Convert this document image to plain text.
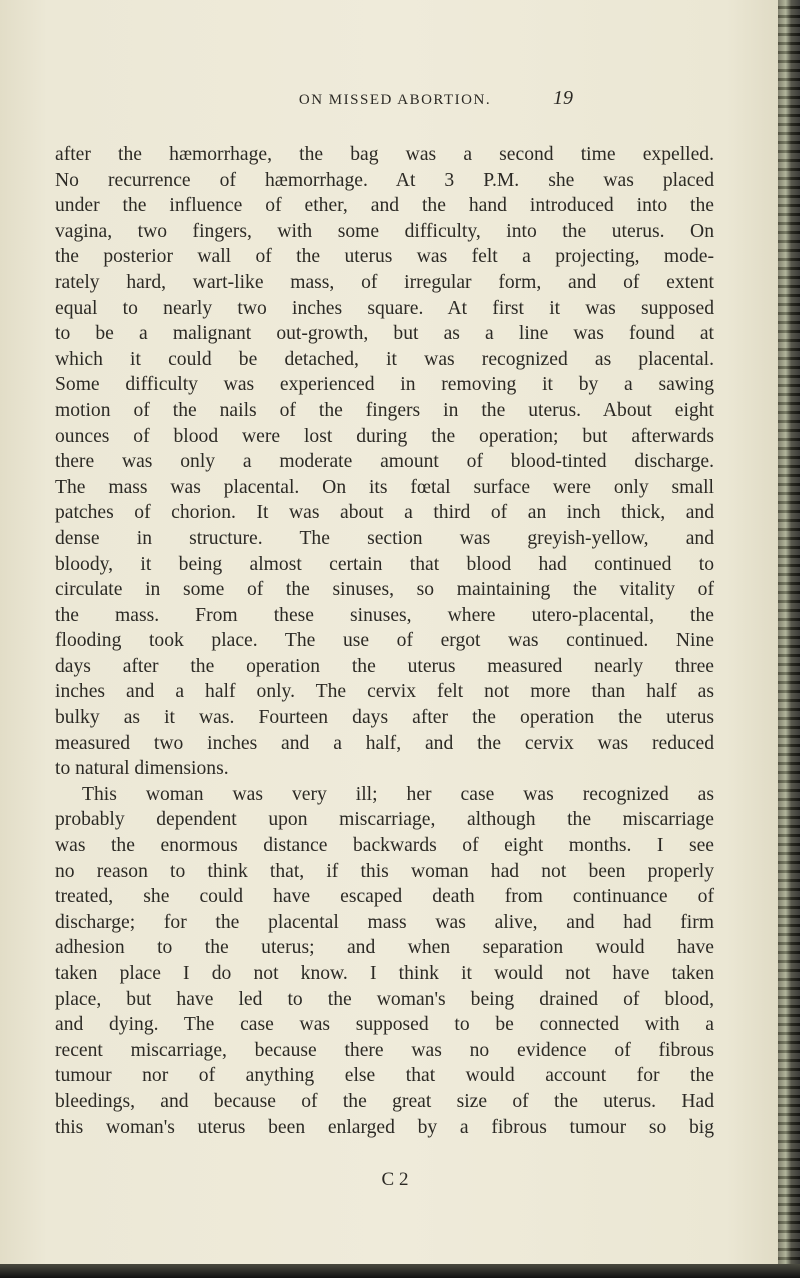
ON MISSED ABORTION.	19
after the hæmorrhage, the bag was a second time expelled.
No recurrence of hæmorrhage. At 3 P.M. she was placed
under the influence of ether, and the hand introduced into the
vagina, two fingers, with some difficulty, into the uterus. On
the posterior wall of the uterus was felt a projecting, mode-
rately hard, wart-like mass, of irregular form, and of extent
equal to nearly two inches square. At first it was supposed
to be a malignant out-growth, but as a line was found at
which it could be detached, it was recognized as placental.
Some difficulty was experienced in removing it by a sawing
motion of the nails of the fingers in the uterus. About eight
ounces of blood were lost during the operation; but afterwards
there was only a moderate amount of blood-tinted discharge.
The mass was placental. On its fœtal surface were only small
patches of chorion. It was about a third of an inch thick, and
dense in structure. The section was greyish-yellow, and
bloody, it being almost certain that blood had continued to
circulate in some of the sinuses, so maintaining the vitality of
the mass. From these sinuses, where utero-placental, the
flooding took place. The use of ergot was continued. Nine
days after the operation the uterus measured nearly three
inches and a half only. The cervix felt not more than half as
bulky as it was. Fourteen days after the operation the uterus
measured two inches and a half, and the cervix was reduced
to natural dimensions.
This woman was very ill; her case was recognized as
probably dependent upon miscarriage, although the miscarriage
was the enormous distance backwards of eight months. I see
no reason to think that, if this woman had not been properly
treated, she could have escaped death from continuance of
discharge; for the placental mass was alive, and had firm
adhesion to the uterus; and when separation would have
taken place I do not know. I think it would not have taken
place, but have led to the woman's being drained of blood,
and dying. The case was supposed to be connected with a
recent miscarriage, because there was no evidence of fibrous
tumour nor of anything else that would account for the
bleedings, and because of the great size of the uterus. Had
this woman's uterus been enlarged by a fibrous tumour so big
C 2
